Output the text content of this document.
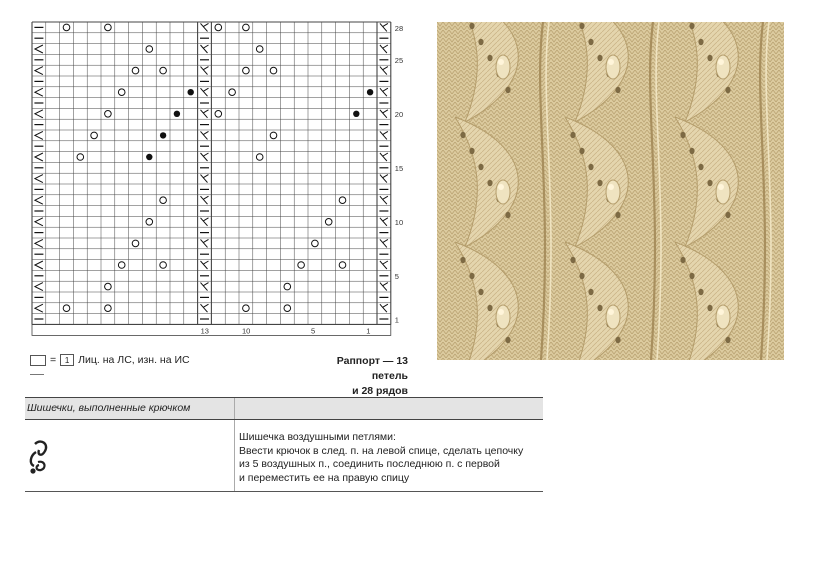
13	10	5	1
28
25
20
15
10
5
1
= 1 Лиц. на ЛС, изн. на ИС	Раппорт — 13 петель
и 28 рядов
Шишечки, выполненные крючком
Шишечка воздушными петлями:
Ввести крючок в след. п. на левой спице, сделать цепочку
из 5 воздушных п., соединить последнюю п. с первой
и переместить ее на правую спицу
